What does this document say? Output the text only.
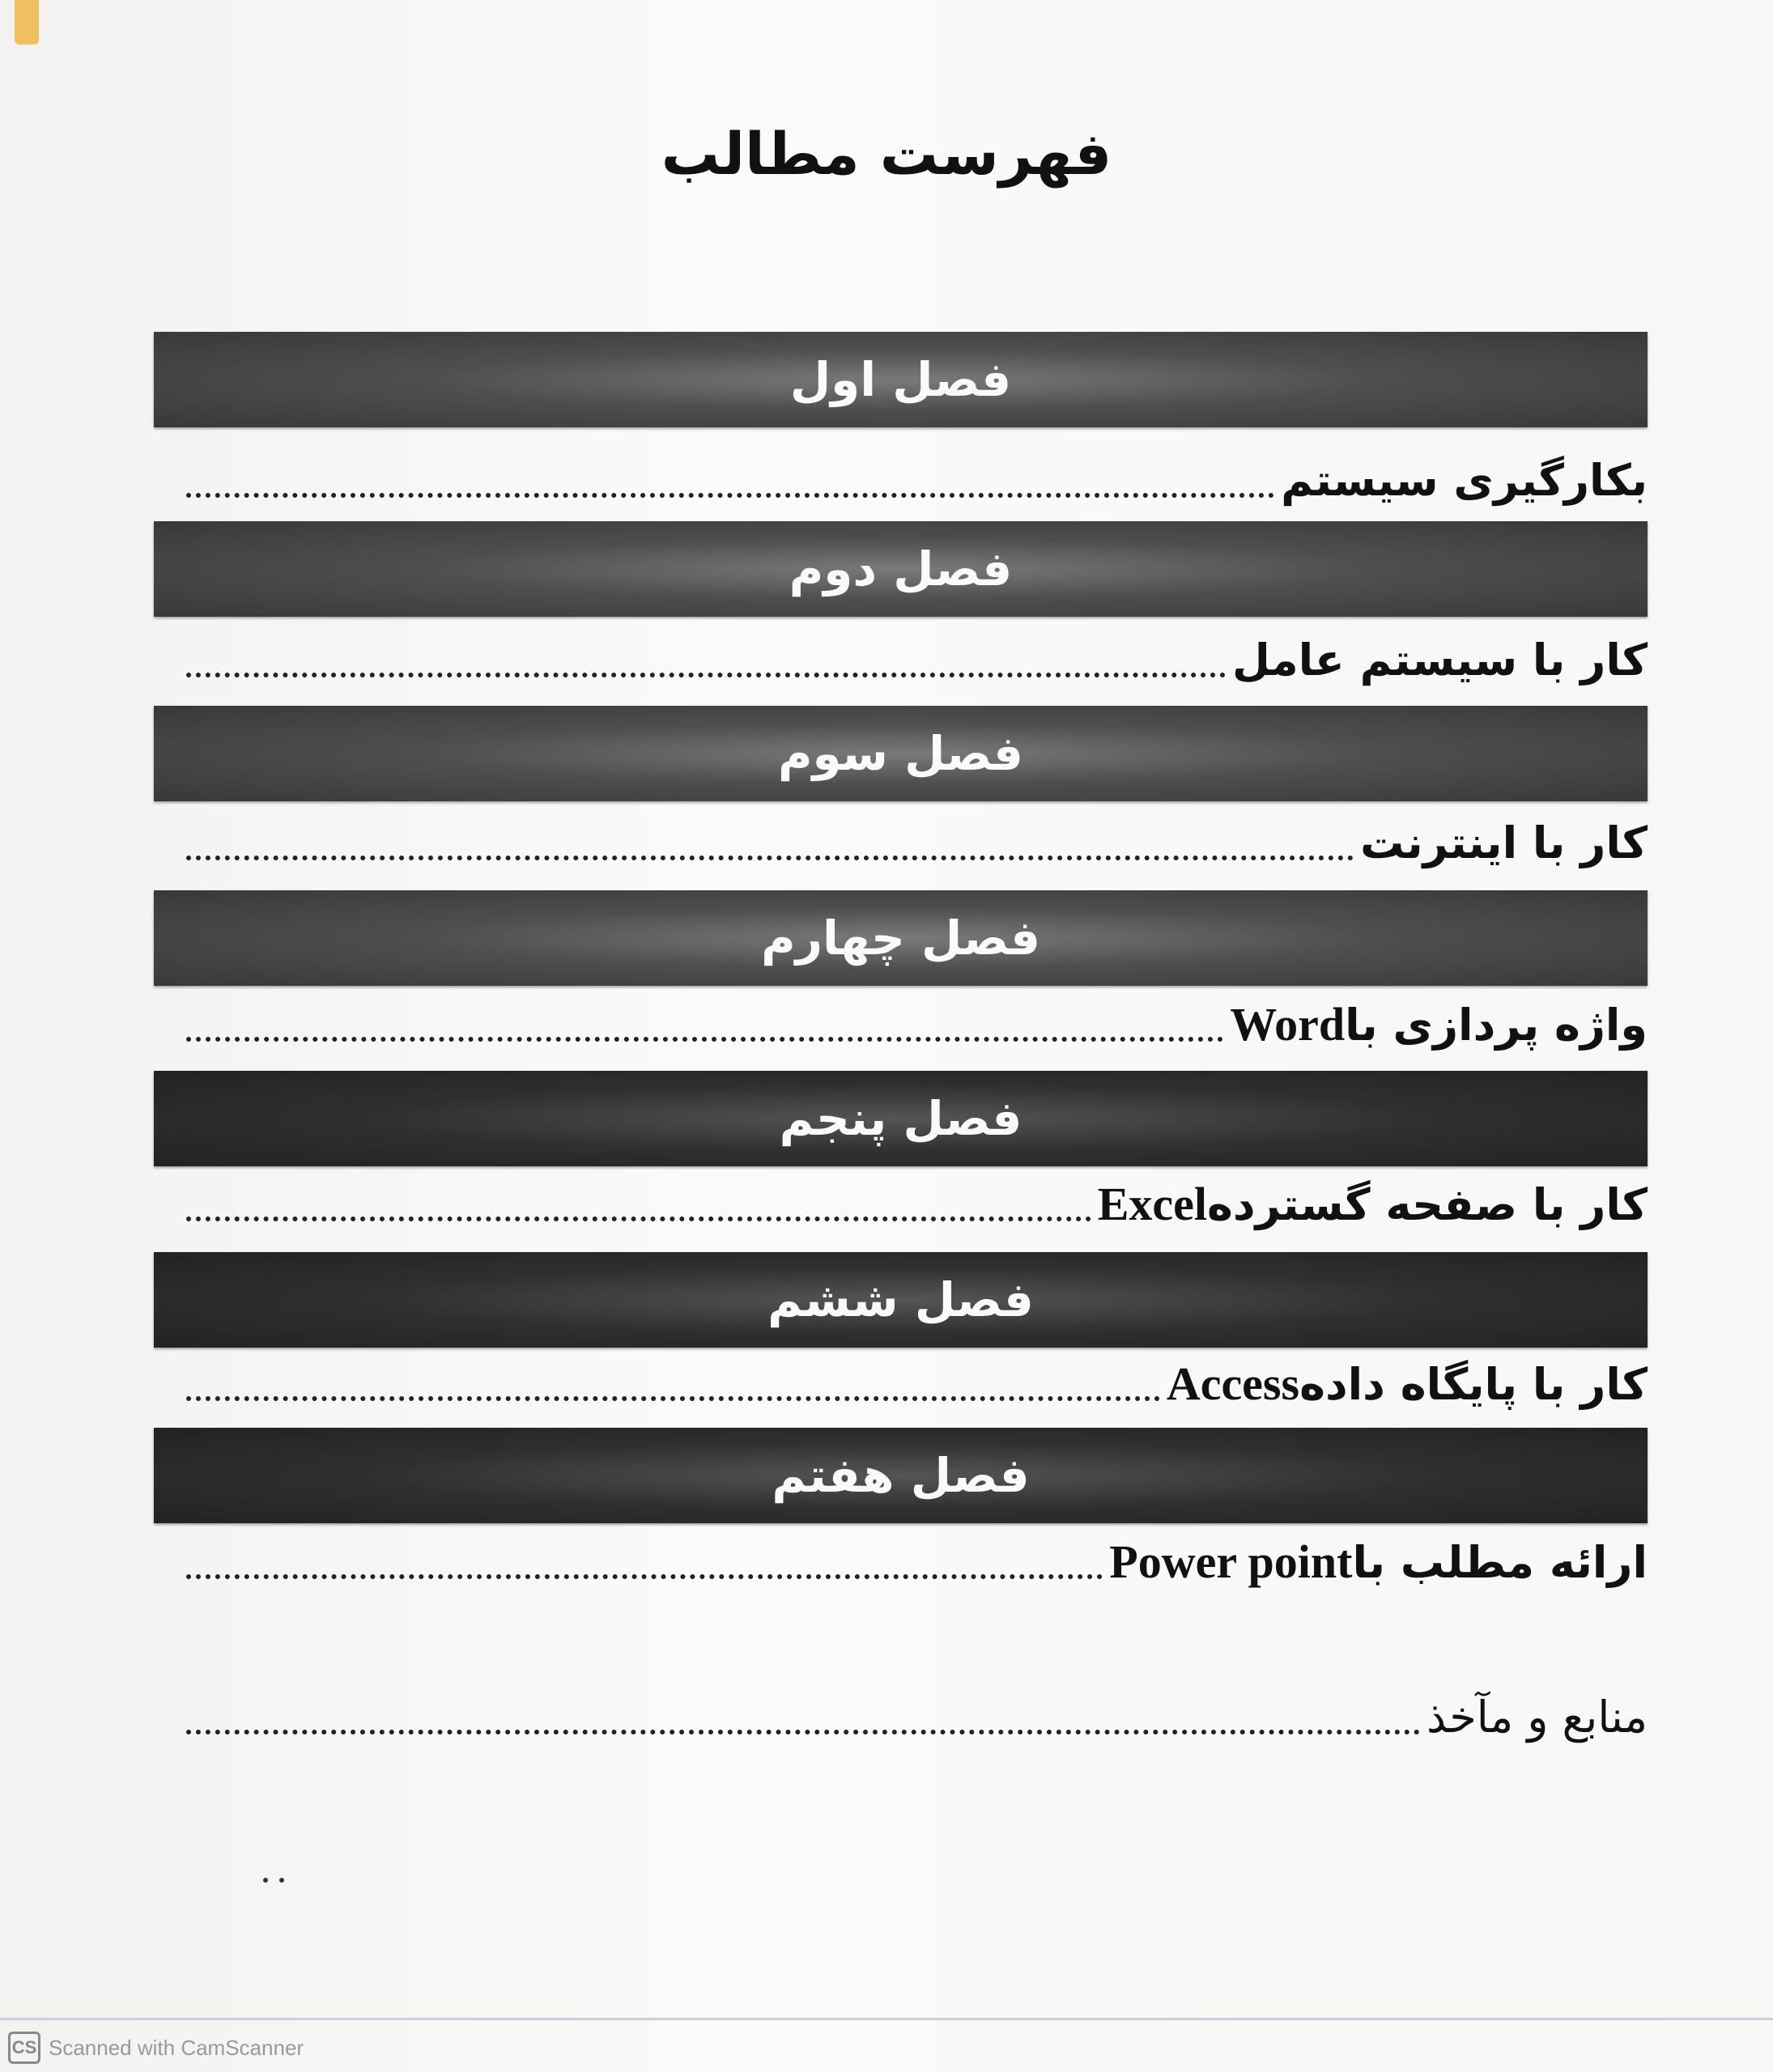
فهرست مطالب
فصل اول
بکارگیری سیستم
فصل دوم
کار با سیستم عامل
فصل سوم
کار با اینترنت
فصل چهارم
واژه پردازی باWord
فصل پنجم
کار با صفحه گستردهExcel
فصل ششم
کار با پایگاه دادهAccess
فصل هفتم
ارائه مطلب باPower point
منابع و مآخذ
CS Scanned with CamScanner
